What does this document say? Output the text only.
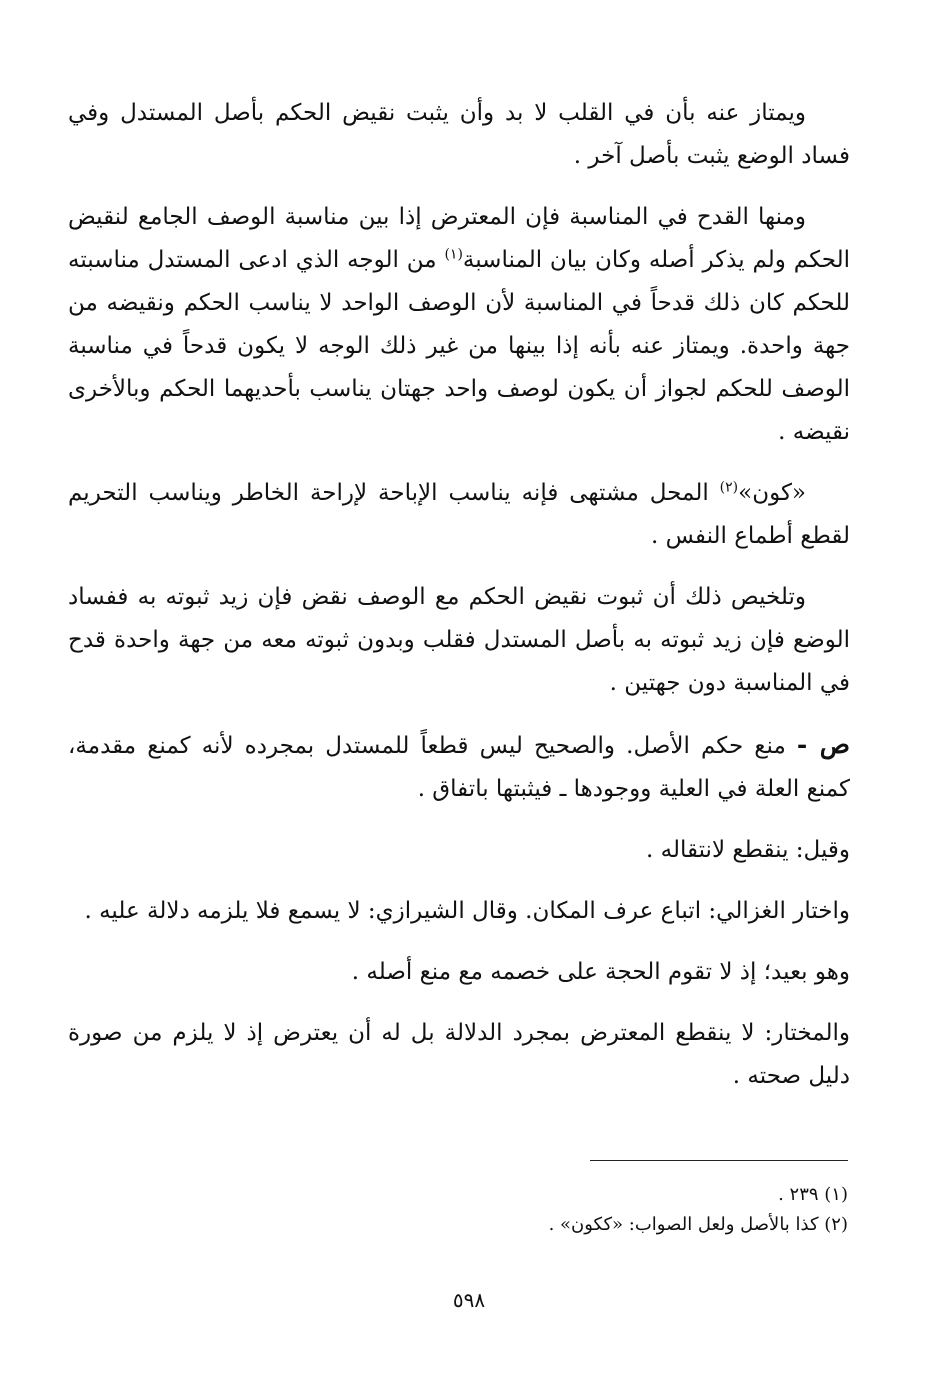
ويمتاز عنه بأن في القلب لا بد وأن يثبت نقيض الحكم بأصل المستدل وفي فساد الوضع يثبت بأصل آخر .

ومنها القدح في المناسبة فإن المعترض إذا بين مناسبة الوصف الجامع لنقيض الحكم ولم يذكر أصله وكان بيان المناسبة$^{(١)}$ من الوجه الذي ادعى المستدل مناسبته للحكم كان ذلك قدحاً في المناسبة لأن الوصف الواحد لا يناسب الحكم ونقيضه من جهة واحدة. ويمتاز عنه بأنه إذا بينها من غير ذلك الوجه لا يكون قدحاً في مناسبة الوصف للحكم لجواز أن يكون لوصف واحد جهتان يناسب بأحديهما الحكم وبالأخرى نقيضه .

«كون»$^{(٢)}$ المحل مشتهى فإنه يناسب الإباحة لإراحة الخاطر ويناسب التحريم لقطع أطماع النفس .

وتلخيص ذلك أن ثبوت نقيض الحكم مع الوصف نقض فإن زيد ثبوته به ففساد الوضع فإن زيد ثبوته به بأصل المستدل فقلب وبدون ثبوته معه من جهة واحدة قدح في المناسبة دون جهتين .

ص - منع حكم الأصل. والصحيح ليس قطعاً للمستدل بمجرده لأنه كمنع مقدمة، كمنع العلة في العلية ووجودها ـ فيثبتها باتفاق .

وقيل: ينقطع لانتقاله .

واختار الغزالي: اتباع عرف المكان. وقال الشيرازي: لا يسمع فلا يلزمه دلالة عليه .

وهو بعيد؛ إذ لا تقوم الحجة على خصمه مع منع أصله .

والمختار: لا ينقطع المعترض بمجرد الدلالة بل له أن يعترض إذ لا يلزم من صورة دليل صحته .

(١) ٢٣٩ .

(٢) كذا بالأصل ولعل الصواب: «ككون» .

٥٩٨
